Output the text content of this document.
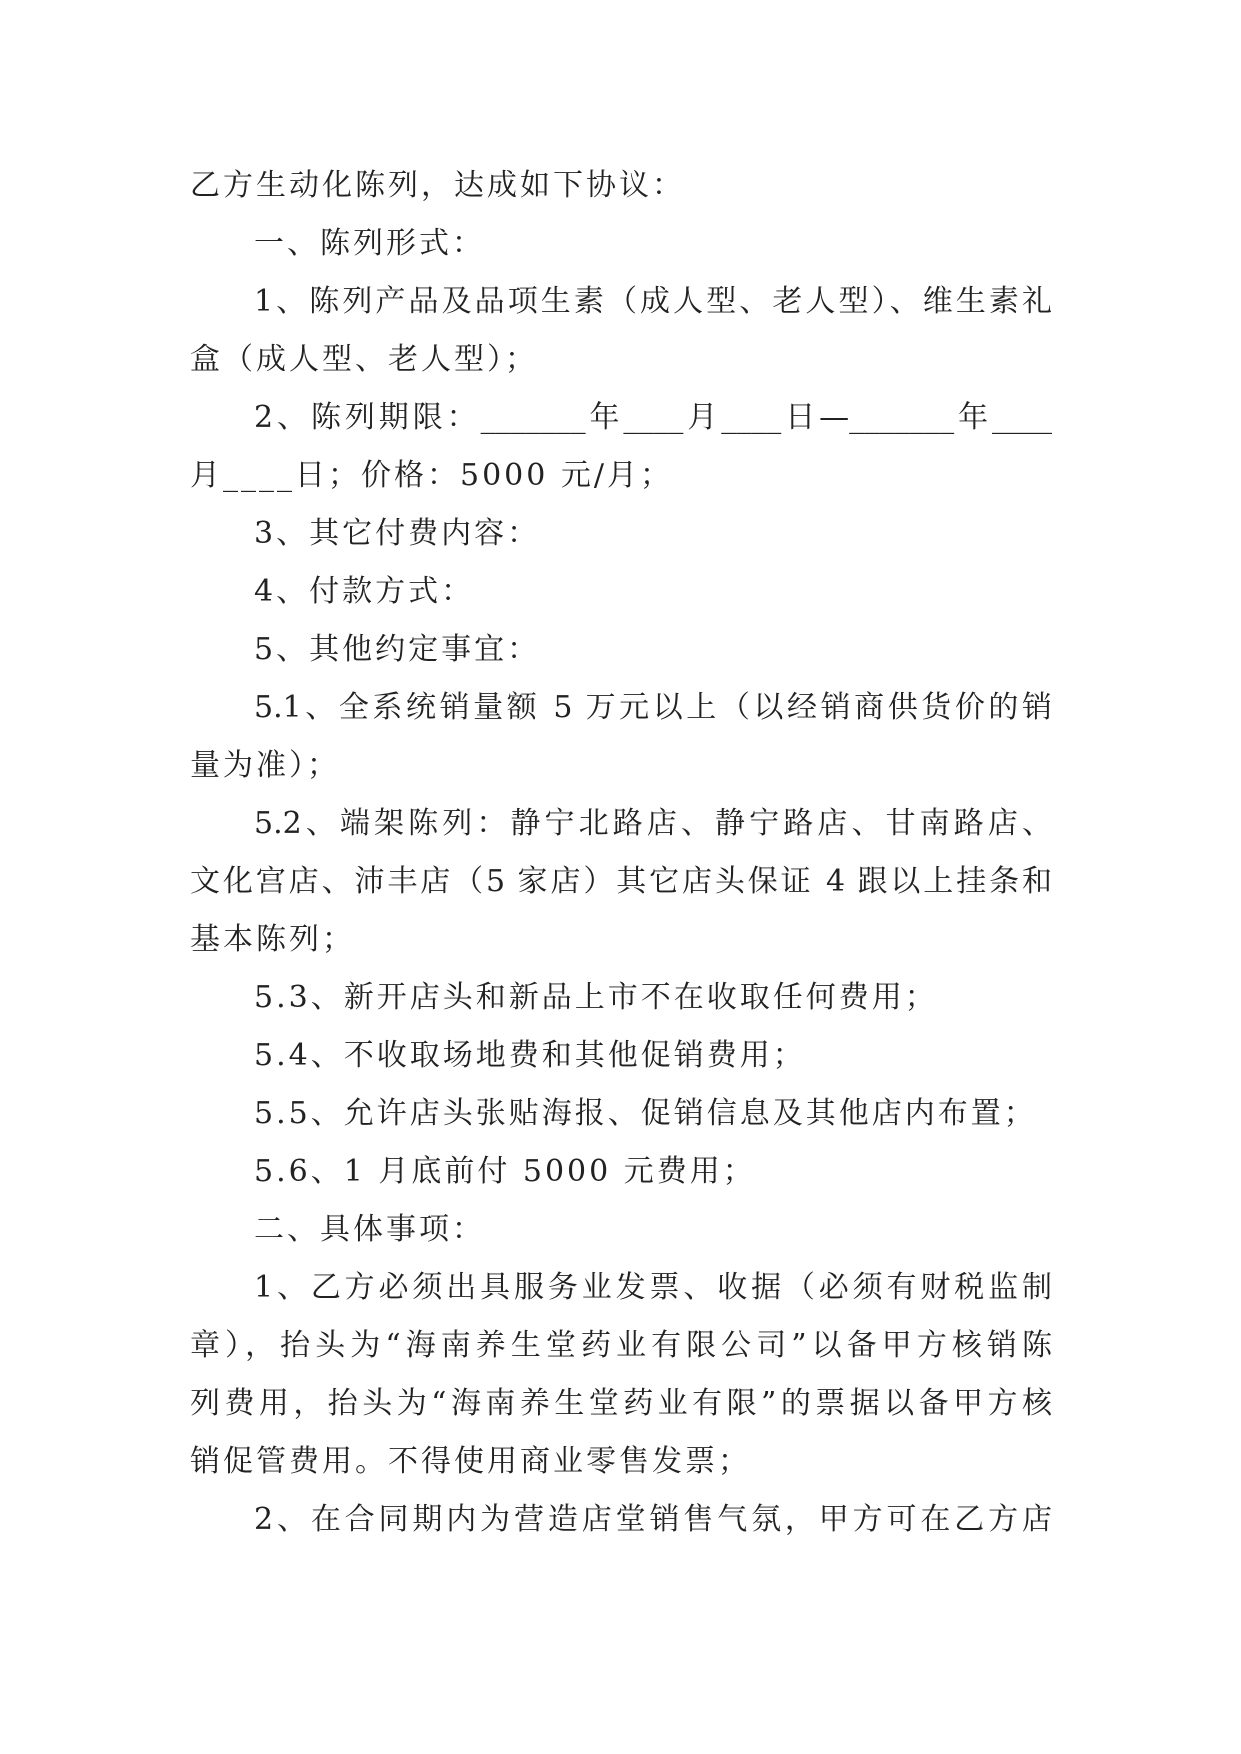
乙方生动化陈列，达成如下协议：
一、陈列形式：
1、陈列产品及品项生素（成人型、老人型）、维生素礼
盒（成人型、老人型）；
2、陈列期限：_______年____月____日—_______年____
月____日；价格：5000 元/月；
3、其它付费内容：
4、付款方式：
5、其他约定事宜：
5.1、全系统销量额 5 万元以上（以经销商供货价的销
量为准）；
5.2、端架陈列：静宁北路店、静宁路店、甘南路店、
文化宫店、沛丰店（5 家店）其它店头保证 4 跟以上挂条和
基本陈列；
5.3、新开店头和新品上市不在收取任何费用；
5.4、不收取场地费和其他促销费用；
5.5、允许店头张贴海报、促销信息及其他店内布置；
5.6、1 月底前付 5000 元费用；
二、具体事项：
1、乙方必须出具服务业发票、收据（必须有财税监制
章），抬头为“海南养生堂药业有限公司”以备甲方核销陈
列费用，抬头为“海南养生堂药业有限”的票据以备甲方核
销促管费用。不得使用商业零售发票；
2、在合同期内为营造店堂销售气氛，甲方可在乙方店
